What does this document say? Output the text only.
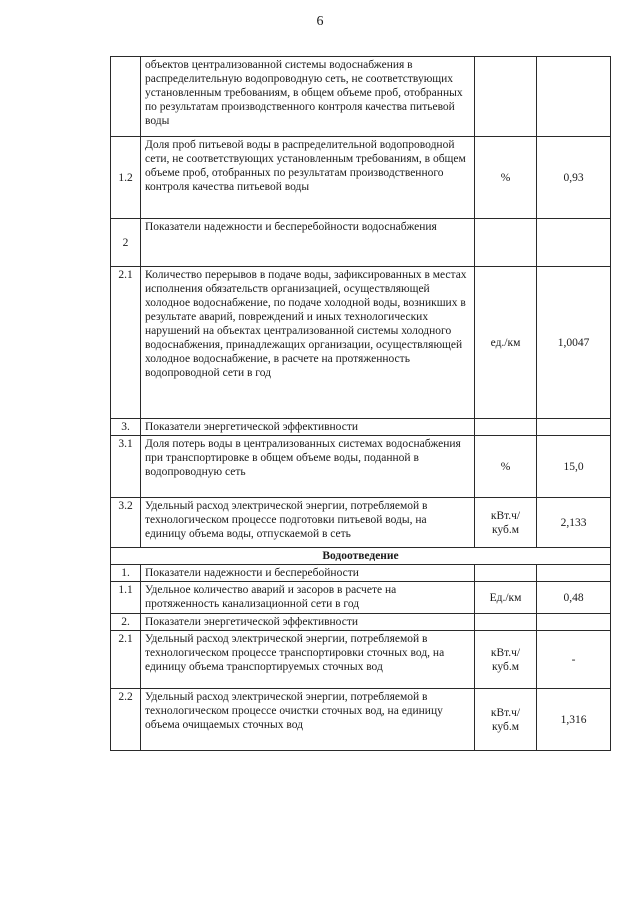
6
	объектов централизованной системы водоснабжения в распределительную водопроводную сеть, не соответствующих установленным требованиям, в общем объеме проб, отобранных по результатам производственного контроля качества питьевой воды		
1.2	Доля проб питьевой воды в распределительной водопроводной сети, не соответствующих установленным требованиям, в общем объеме проб, отобранных по результатам производственного контроля качества питьевой воды	%	0,93
2	Показатели надежности и бесперебойности водоснабжения		
2.1	Количество перерывов в подаче воды, зафиксированных в местах исполнения обязательств организацией, осуществляющей холодное водоснабжение, по подаче холодной воды, возникших в результате аварий, повреждений и иных технологических нарушений на объектах централизованной системы холодного водоснабжения, принадлежащих организации, осуществляющей холодное водоснабжение, в расчете на протяженность водопроводной сети в год	ед./км	1,0047
3.	Показатели энергетической эффективности		
3.1	Доля потерь воды в централизованных системах водоснабжения при транспортировке в общем объеме воды, поданной в водопроводную сеть	%	15,0
3.2	Удельный расход электрической энергии, потребляемой в технологическом процессе подготовки питьевой воды, на единицу объема воды, отпускаемой в сеть	кВт.ч/куб.м	2,133
Водоотведение			
1.	Показатели надежности и бесперебойности		
1.1	Удельное количество аварий и засоров в расчете на протяженность канализационной сети в год	Ед./км	0,48
2.	Показатели энергетической эффективности		
2.1	Удельный расход электрической энергии, потребляемой в технологическом процессе транспортировки сточных вод, на единицу объема транспортируемых сточных вод	кВт.ч/куб.м	-
2.2	Удельный расход электрической энергии, потребляемой в технологическом процессе очистки сточных вод, на единицу объема очищаемых сточных вод	кВт.ч/куб.м	1,316
